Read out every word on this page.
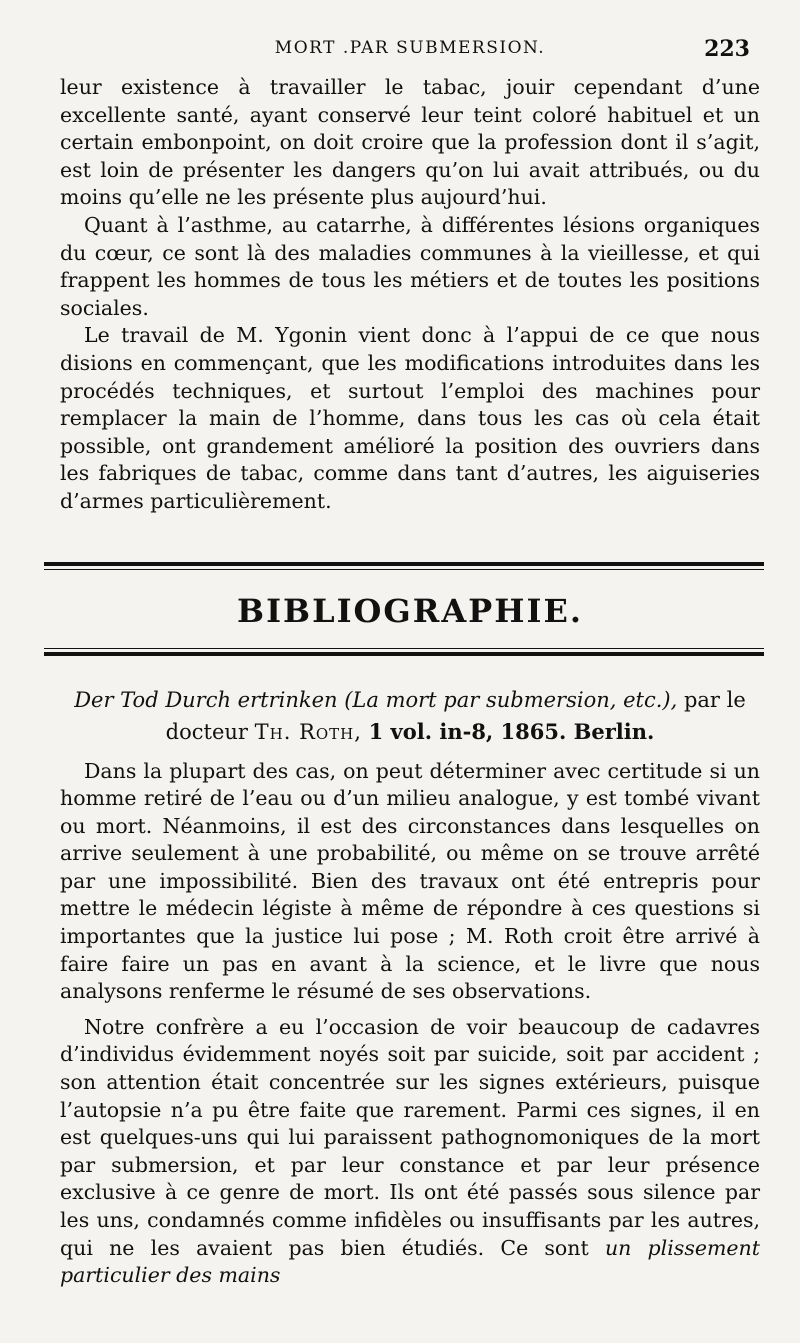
MORT .PAR SUBMERSION.	223

leur existence à travailler le tabac, jouir cependant d’une excellente santé, ayant conservé leur teint coloré habituel et un certain embonpoint, on doit croire que la profession dont il s’agit, est loin de présenter les dangers qu’on lui avait attribués, ou du moins qu’elle ne les présente plus aujourd’hui.

Quant à l’asthme, au catarrhe, à différentes lésions organiques du cœur, ce sont là des maladies communes à la vieillesse, et qui frappent les hommes de tous les métiers et de toutes les positions sociales.

Le travail de M. Ygonin vient donc à l’appui de ce que nous disions en commençant, que les modifications introduites dans les procédés techniques, et surtout l’emploi des machines pour remplacer la main de l’homme, dans tous les cas où cela était possible, ont grandement amélioré la position des ouvriers dans les fabriques de tabac, comme dans tant d’autres, les aiguiseries d’armes particulièrement.

BIBLIOGRAPHIE.
Der Tod Durch ertrinken (La mort par submersion, etc.), par le
docteur Th. Roth, 1 vol. in-8, 1865. Berlin.

Dans la plupart des cas, on peut déterminer avec certitude si un homme retiré de l’eau ou d’un milieu analogue, y est tombé vivant ou mort. Néanmoins, il est des circonstances dans lesquelles on arrive seulement à une probabilité, ou même on se trouve arrêté par une impossibilité. Bien des travaux ont été entrepris pour mettre le médecin légiste à même de répondre à ces questions si importantes que la justice lui pose ; M. Roth croit être arrivé à faire faire un pas en avant à la science, et le livre que nous analysons renferme le résumé de ses observations.

Notre confrère a eu l’occasion de voir beaucoup de cadavres d’individus évidemment noyés soit par suicide, soit par accident ; son attention était concentrée sur les signes extérieurs, puisque l’autopsie n’a pu être faite que rarement. Parmi ces signes, il en est quelques-uns qui lui paraissent pathognomoniques de la mort par submersion, et par leur constance et par leur présence exclusive à ce genre de mort. Ils ont été passés sous silence par les uns, condamnés comme infidèles ou insuffisants par les autres, qui ne les avaient pas bien étudiés. Ce sont un plissement particulier des mains
